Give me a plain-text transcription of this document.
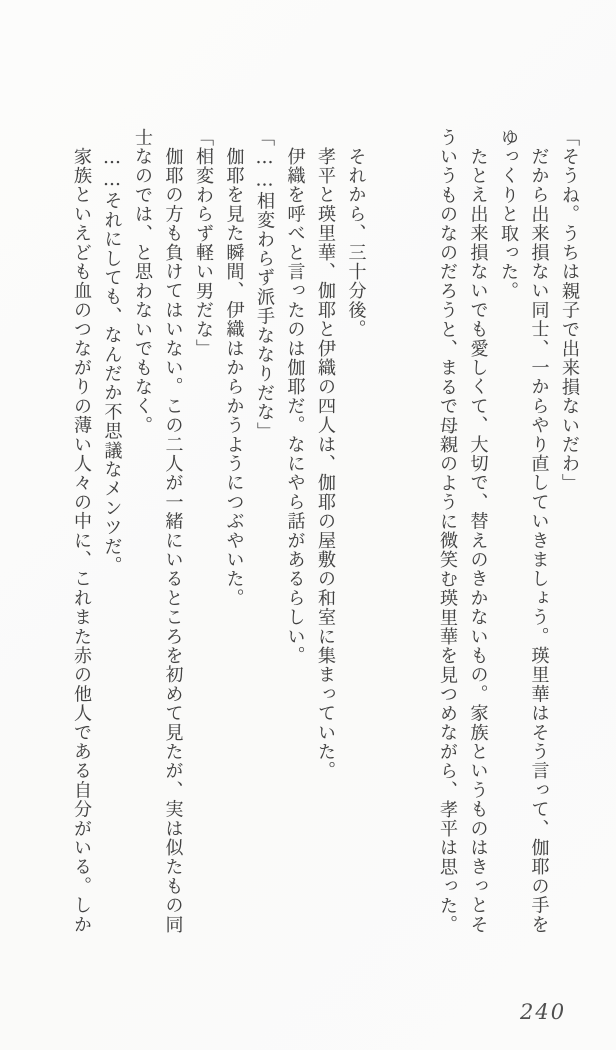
「そうね。うちは親子で出来損ないだわ」

だから出来損ない同士、一からやり直していきましょう。瑛里華はそう言って、伽耶の手をゆっくりと取った。

たとえ出来損ないでも愛しくて、大切で、替えのきかないもの。家族というものはきっとそういうものなのだろうと、まるで母親のように微笑む瑛里華を見つめながら、孝平は思った。

それから、三十分後。

孝平と瑛里華、伽耶と伊織の四人は、伽耶の屋敷の和室に集まっていた。

伊織を呼べと言ったのは伽耶だ。なにやら話があるらしい。

「……相変わらず派手ななりだな」

伽耶を見た瞬間、伊織はからかうようにつぶやいた。

「相変わらず軽い男だな」

伽耶の方も負けてはいない。この二人が一緒にいるところを初めて見たが、実は似たもの同士なのでは、と思わないでもなく。

……それにしても、なんだか不思議なメンツだ。

家族といえども血のつながりの薄い人々の中に、これまた赤の他人である自分がいる。しか

240
